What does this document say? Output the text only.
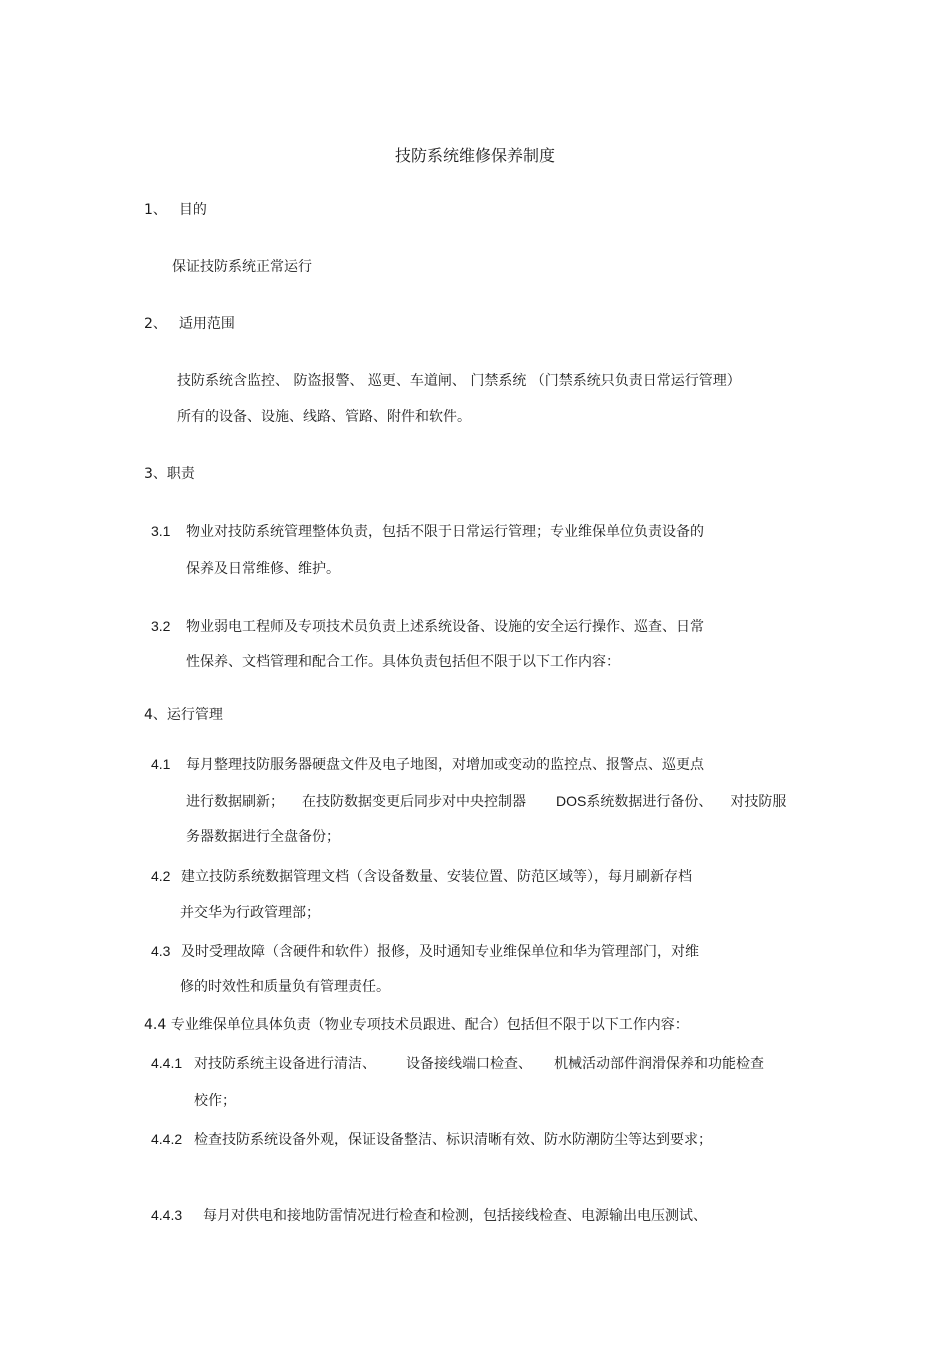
技防系统维修保养制度
1、 目的
保证技防系统正常运行
2、 适用范围
技防系统含监控、 防盗报警、 巡更、车道闸、 门禁系统 （门禁系统只负责日常运行管理）
所有的设备、设施、线路、管路、附件和软件。
3、职责
3.1 物业对技防系统管理整体负责，包括不限于日常运行管理；专业维保单位负责设备的
保养及日常维修、维护。
3.2 物业弱电工程师及专项技术员负责上述系统设备、设施的安全运行操作、巡查、日常
性保养、文档管理和配合工作。具体负责包括但不限于以下工作内容：
4、运行管理
4.1 每月整理技防服务器硬盘文件及电子地图，对增加或变动的监控点、报警点、巡更点
进行数据刷新； 在技防数据变更后同步对中央控制器 DOS系统数据进行备份、 对技防服
务器数据进行全盘备份；
4.2 建立技防系统数据管理文档（含设备数量、安装位置、防范区域等），每月刷新存档
并交华为行政管理部；
4.3 及时受理故障（含硬件和软件）报修，及时通知专业维保单位和华为管理部门，对维
修的时效性和质量负有管理责任。
4.4 专业维保单位具体负责（物业专项技术员跟进、配合）包括但不限于以下工作内容：
4.4.1 对技防系统主设备进行清洁、 设备接线端口检查、 机械活动部件润滑保养和功能检查
校作；
4.4.2 检查技防系统设备外观，保证设备整洁、标识清晰有效、防水防潮防尘等达到要求；
4.4.3 每月对供电和接地防雷情况进行检查和检测，包括接线检查、电源输出电压测试、
